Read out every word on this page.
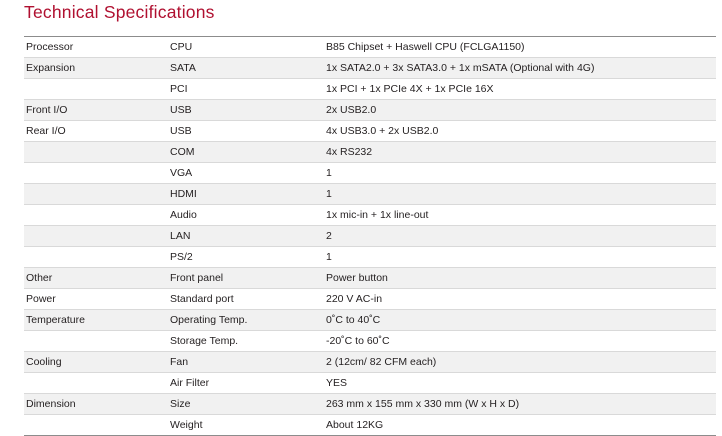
Technical Specifications
Processor	CPU	B85 Chipset + Haswell CPU (FCLGA1150)
Expansion	SATA	1x SATA2.0 + 3x SATA3.0 + 1x mSATA (Optional with 4G)
	PCI	1x PCI + 1x PCIe 4X + 1x PCIe 16X
Front I/O	USB	2x USB2.0
Rear I/O	USB	4x USB3.0 + 2x USB2.0
	COM	4x RS232
	VGA	1
	HDMI	1
	Audio	1x mic-in + 1x line-out
	LAN	2
	PS/2	1
Other	Front panel	Power button
Power	Standard port	220 V AC-in
Temperature	Operating Temp.	0˚C to 40˚C
	Storage Temp.	-20˚C to 60˚C
Cooling	Fan	2 (12cm/ 82 CFM each)
	Air Filter	YES
Dimension	Size	263 mm x 155 mm x 330 mm (W x H x D)
	Weight	About 12KG
